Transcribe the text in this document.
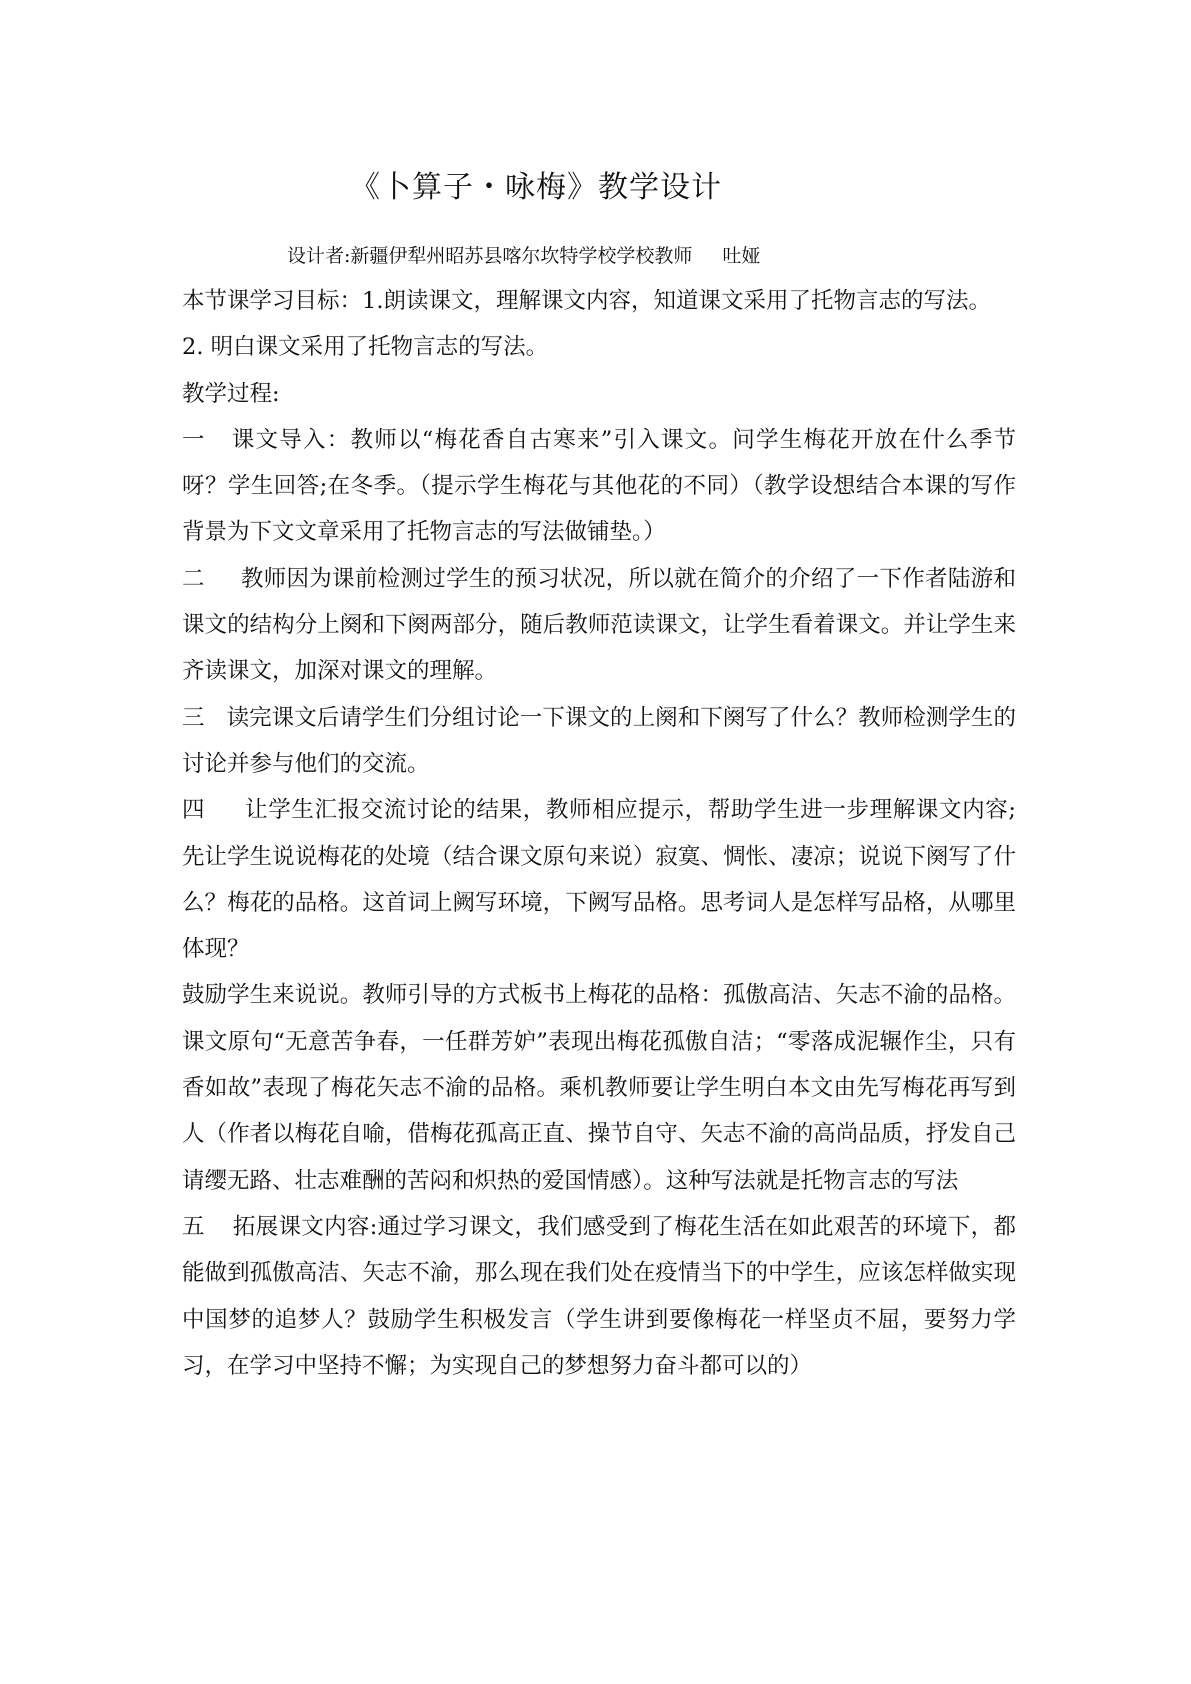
《卜算子・咏梅》教学设计
设计者:新疆伊犁州昭苏县喀尔坎特学校学校教师 吐娅

本节课学习目标：1.朗读课文，理解课文内容，知道课文采用了托物言志的写法。

2. 明白课文采用了托物言志的写法。

教学过程:

一 课文导入：教师以“梅花香自古寒来”引入课文。问学生梅花开放在什么季节呀？学生回答;在冬季。（提示学生梅花与其他花的不同）（教学设想结合本课的写作背景为下文文章采用了托物言志的写法做铺垫。）

二 教师因为课前检测过学生的预习状况，所以就在简介的介绍了一下作者陆游和课文的结构分上阕和下阕两部分，随后教师范读课文，让学生看着课文。并让学生来齐读课文，加深对课文的理解。

三 读完课文后请学生们分组讨论一下课文的上阕和下阕写了什么？教师检测学生的讨论并参与他们的交流。

四 让学生汇报交流讨论的结果，教师相应提示，帮助学生进一步理解课文内容;先让学生说说梅花的处境（结合课文原句来说）寂寞、惆怅、凄凉；说说下阕写了什么？梅花的品格。这首词上阙写环境，下阙写品格。思考词人是怎样写品格，从哪里体现？

鼓励学生来说说。教师引导的方式板书上梅花的品格：孤傲高洁、矢志不渝的品格。课文原句“无意苦争春，一任群芳妒”表现出梅花孤傲自洁；“零落成泥辗作尘，只有香如故”表现了梅花矢志不渝的品格。乘机教师要让学生明白本文由先写梅花再写到人（作者以梅花自喻，借梅花孤高正直、操节自守、矢志不渝的高尚品质，抒发自己请缨无路、壮志难酬的苦闷和炽热的爱国情感）。这种写法就是托物言志的写法

五 拓展课文内容:通过学习课文，我们感受到了梅花生活在如此艰苦的环境下，都能做到孤傲高洁、矢志不渝，那么现在我们处在疫情当下的中学生，应该怎样做实现中国梦的追梦人？鼓励学生积极发言（学生讲到要像梅花一样坚贞不屈，要努力学习，在学习中坚持不懈；为实现自己的梦想努力奋斗都可以的）
